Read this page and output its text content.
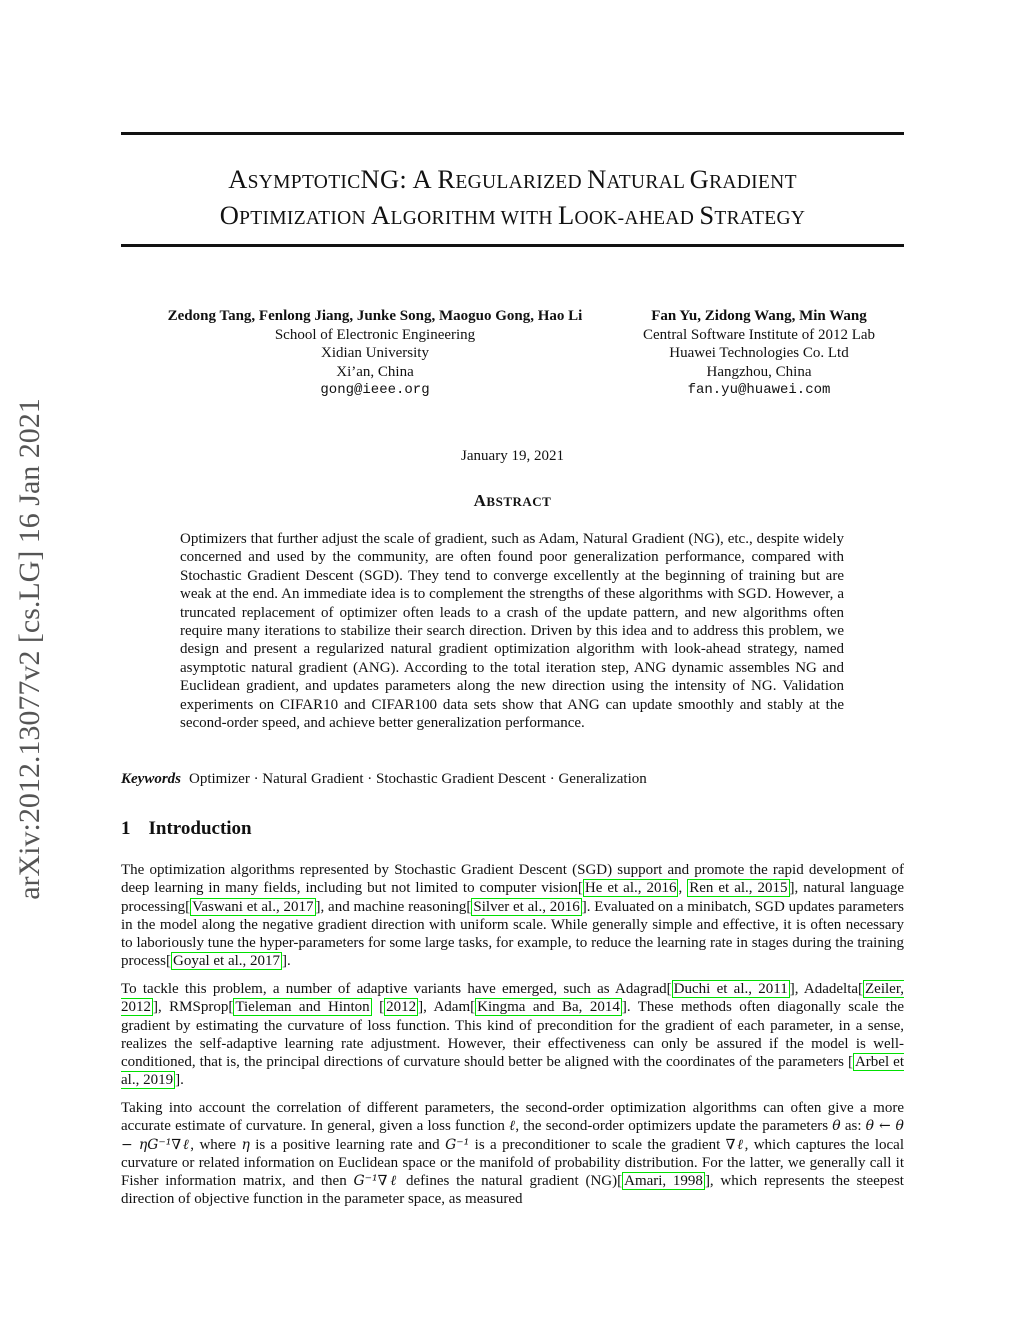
ASYMPTOTICNG: A REGULARIZED NATURAL GRADIENT
OPTIMIZATION ALGORITHM WITH LOOK-AHEAD STRATEGY
arXiv:2012.13077v2 [cs.LG] 16 Jan 2021
Zedong Tang, Fenlong Jiang, Junke Song, Maoguo Gong, Hao Li
School of Electronic Engineering
Xidian University
Xi’an, China
gong@ieee.org
Fan Yu, Zidong Wang, Min Wang
Central Software Institute of 2012 Lab
Huawei Technologies Co. Ltd
Hangzhou, China
fan.yu@huawei.com
January 19, 2021
ABSTRACT
Optimizers that further adjust the scale of gradient, such as Adam, Natural Gradient (NG), etc., despite widely concerned and used by the community, are often found poor generalization performance, compared with Stochastic Gradient Descent (SGD). They tend to converge excellently at the beginning of training but are weak at the end. An immediate idea is to complement the strengths of these algorithms with SGD. However, a truncated replacement of optimizer often leads to a crash of the update pattern, and new algorithms often require many iterations to stabilize their search direction. Driven by this idea and to address this problem, we design and present a regularized natural gradient optimization algorithm with look-ahead strategy, named asymptotic natural gradient (ANG). According to the total iteration step, ANG dynamic assembles NG and Euclidean gradient, and updates parameters along the new direction using the intensity of NG. Validation experiments on CIFAR10 and CIFAR100 data sets show that ANG can update smoothly and stably at the second-order speed, and achieve better generalization performance.
Keywords Optimizer · Natural Gradient · Stochastic Gradient Descent · Generalization
1 Introduction
The optimization algorithms represented by Stochastic Gradient Descent (SGD) support and promote the rapid development of deep learning in many fields, including but not limited to computer vision[ He et al., 2016 , Ren et al., 2015 ], natural language processing[ Vaswani et al., 2017 ], and machine reasoning[ Silver et al., 2016 ]. Evaluated on a minibatch, SGD updates parameters in the model along the negative gradient direction with uniform scale. While generally simple and effective, it is often necessary to laboriously tune the hyper-parameters for some large tasks, for example, to reduce the learning rate in stages during the training process[ Goyal et al., 2017 ].
To tackle this problem, a number of adaptive variants have emerged, such as Adagrad[ Duchi et al., 2011 ], Adadelta[ Zeiler, 2012 ], RMSprop[ Tieleman and Hinton [ 2012 ], Adam[ Kingma and Ba, 2014 ]. These methods often diagonally scale the gradient by estimating the curvature of loss function. This kind of precondition for the gradient of each parameter, in a sense, realizes the self-adaptive learning rate adjustment. However, their effectiveness can only be assured if the model is well-conditioned, that is, the principal directions of curvature should better be aligned with the coordinates of the parameters [ Arbel et al., 2019 ].
Taking into account the correlation of different parameters, the second-order optimization algorithms can often give a more accurate estimate of curvature. In general, given a loss function ℓ, the second-order optimizers update the parameters θ as: θ ← θ − ηG⁻¹∇ℓ, where η is a positive learning rate and G⁻¹ is a preconditioner to scale the gradient ∇ℓ, which captures the local curvature or related information on Euclidean space or the manifold of probability distribution. For the latter, we generally call it Fisher information matrix, and then G⁻¹∇ℓ defines the natural gradient (NG)[ Amari, 1998 ], which represents the steepest direction of objective function in the parameter space, as measured
